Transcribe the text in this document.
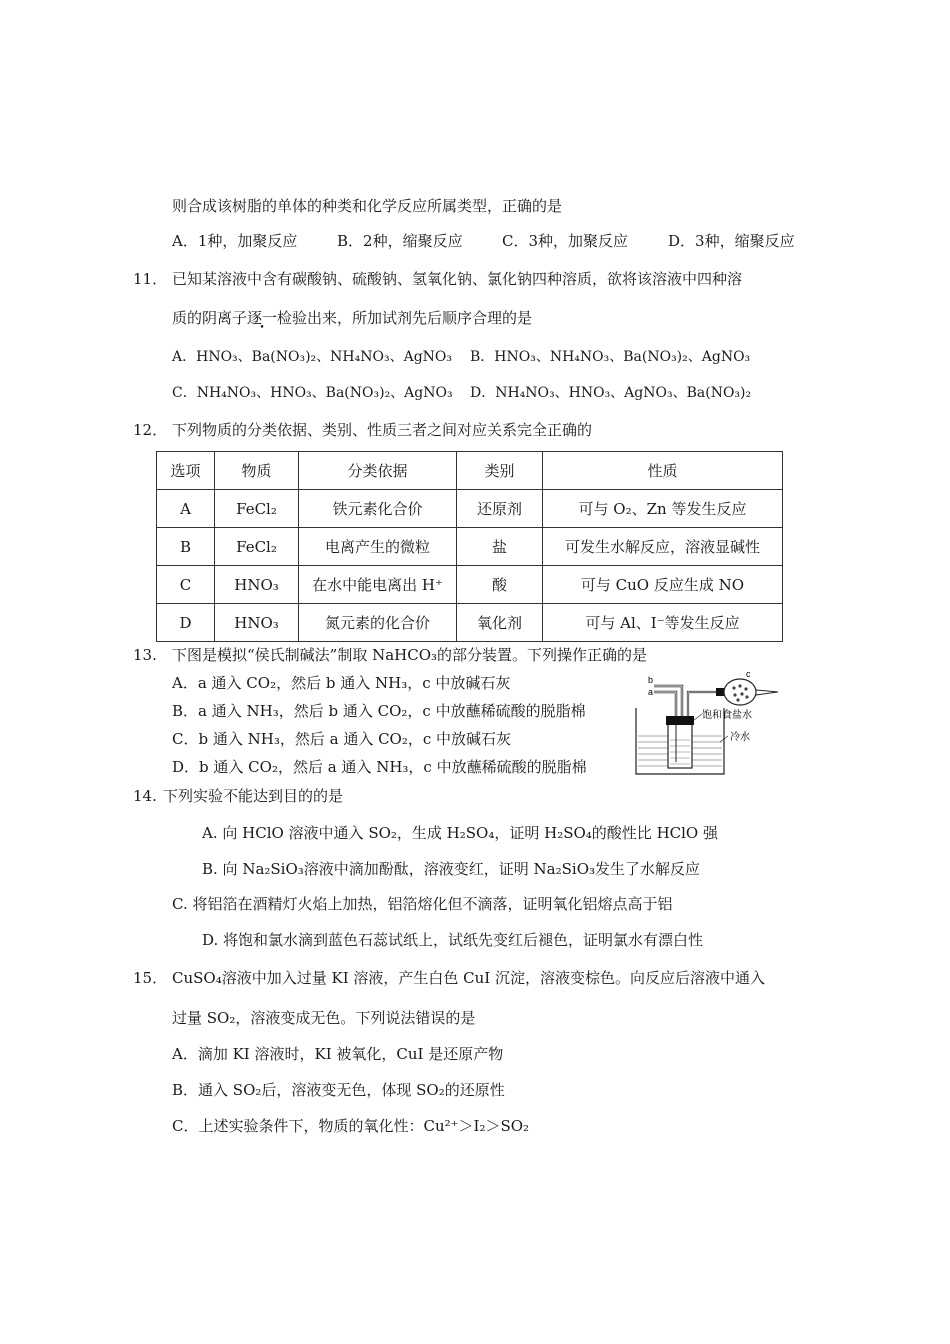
则合成该树脂的单体的种类和化学反应所属类型，正确的是
A．1种，加聚反应	B．2种，缩聚反应	C．3种，加聚反应	D．3种，缩聚反应
11． 已知某溶液中含有碳酸钠、硫酸钠、氢氧化钠、氯化钠四种溶质，欲将该溶液中四种溶
质的阴离子逐一检验出来，所加试剂先后顺序合理的是
A．HNO₃、Ba(NO₃)₂、NH₄NO₃、AgNO₃ B．HNO₃、NH₄NO₃、Ba(NO₃)₂、AgNO₃
C．NH₄NO₃、HNO₃、Ba(NO₃)₂、AgNO₃ D．NH₄NO₃、HNO₃、AgNO₃、Ba(NO₃)₂
12． 下列物质的分类依据、类别、性质三者之间对应关系完全正确的
选项	物质	分类依据	类别	性质
A	FeCl₂	铁元素化合价	还原剂	可与 O₂、Zn 等发生反应
B	FeCl₂	电离产生的微粒	盐	可发生水解反应，溶液显碱性
C	HNO₃	在水中能电离出 H⁺	酸	可与 CuO 反应生成 NO
D	HNO₃	氮元素的化合价	氧化剂	可与 Al、I⁻等发生反应
13. 下图是模拟“侯氏制碱法”制取 NaHCO₃的部分装置。下列操作正确的是
A．a 通入 CO₂，然后 b 通入 NH₃，c 中放碱石灰
B．a 通入 NH₃，然后 b 通入 CO₂，c 中放蘸稀硫酸的脱脂棉
C．b 通入 NH₃，然后 a 通入 CO₂，c 中放碱石灰
D．b 通入 CO₂，然后 a 通入 NH₃，c 中放蘸稀硫酸的脱脂棉
b
a
c
饱和食盐水
冷水
14. 下列实验不能达到目的的是
A. 向 HClO 溶液中通入 SO₂，生成 H₂SO₄，证明 H₂SO₄的酸性比 HClO 强
B. 向 Na₂SiO₃溶液中滴加酚酞，溶液变红，证明 Na₂SiO₃发生了水解反应
C. 将铝箔在酒精灯火焰上加热，铝箔熔化但不滴落，证明氧化铝熔点高于铝
D. 将饱和氯水滴到蓝色石蕊试纸上，试纸先变红后褪色，证明氯水有漂白性
15． CuSO₄溶液中加入过量 KI 溶液，产生白色 CuI 沉淀，溶液变棕色。向反应后溶液中通入
过量 SO₂，溶液变成无色。下列说法错误的是
A．滴加 KI 溶液时，KI 被氧化，CuI 是还原产物
B．通入 SO₂后，溶液变无色，体现 SO₂的还原性
C．上述实验条件下，物质的氧化性：Cu²⁺＞I₂＞SO₂
